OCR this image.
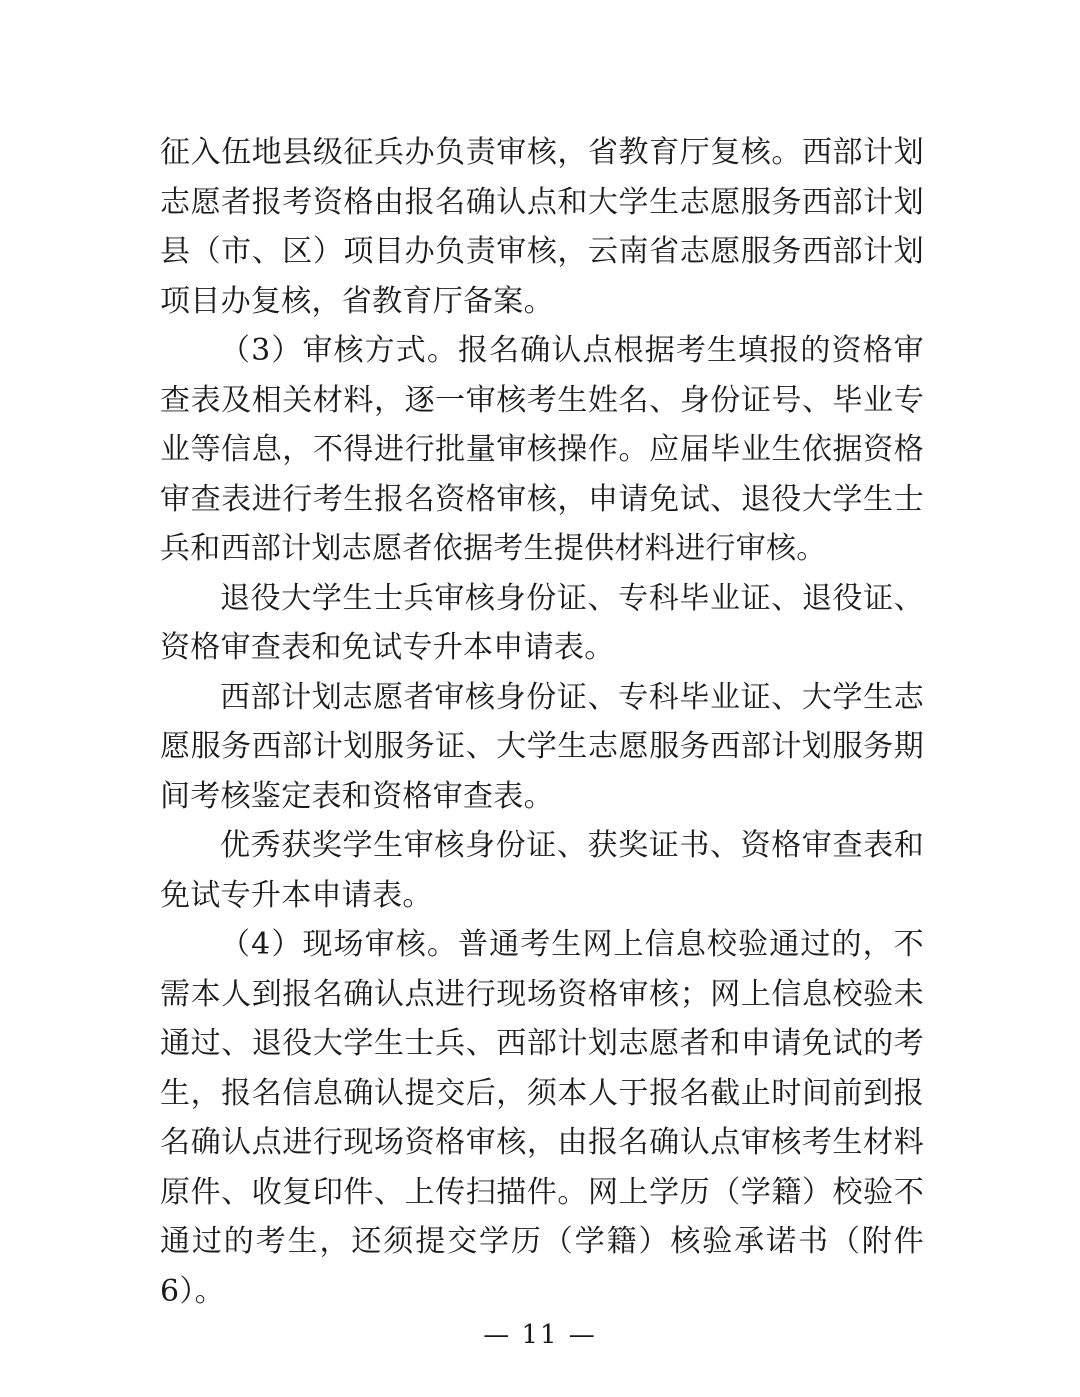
征入伍地县级征兵办负责审核，省教育厅复核。西部计划志愿者报考资格由报名确认点和大学生志愿服务西部计划县（市、区）项目办负责审核，云南省志愿服务西部计划项目办复核，省教育厅备案。

（3）审核方式。报名确认点根据考生填报的资格审查表及相关材料，逐一审核考生姓名、身份证号、毕业专业等信息，不得进行批量审核操作。应届毕业生依据资格审查表进行考生报名资格审核，申请免试、退役大学生士兵和西部计划志愿者依据考生提供材料进行审核。

退役大学生士兵审核身份证、专科毕业证、退役证、资格审查表和免试专升本申请表。

西部计划志愿者审核身份证、专科毕业证、大学生志愿服务西部计划服务证、大学生志愿服务西部计划服务期间考核鉴定表和资格审查表。

优秀获奖学生审核身份证、获奖证书、资格审查表和免试专升本申请表。

（4）现场审核。普通考生网上信息校验通过的，不需本人到报名确认点进行现场资格审核；网上信息校验未通过、退役大学生士兵、西部计划志愿者和申请免试的考生，报名信息确认提交后，须本人于报名截止时间前到报名确认点进行现场资格审核，由报名确认点审核考生材料原件、收复印件、上传扫描件。网上学历（学籍）校验不通过的考生，还须提交学历（学籍）核验承诺书（附件6）。

— 11 —
